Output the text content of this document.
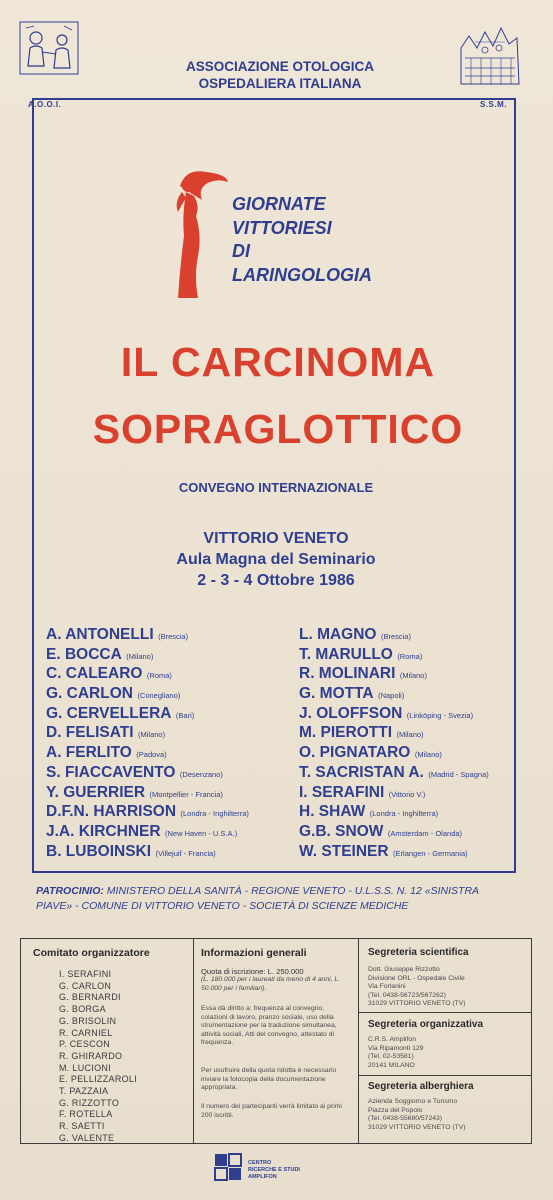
A.O.O.I.	S.S.M.
ASSOCIAZIONE OTOLOGICA
OSPEDALIERA ITALIANA
GIORNATE
VITTORIESI
DI
LARINGOLOGIA
IL CARCINOMA
SOPRAGLOTTICO
CONVEGNO INTERNAZIONALE
VITTORIO VENETO
Aula Magna del Seminario
2 - 3 - 4 Ottobre 1986
A. ANTONELLI (Brescia)
E. BOCCA (Milano)
C. CALEARO (Roma)
G. CARLON (Conegliano)
G. CERVELLERA (Bari)
D. FELISATI (Milano)
A. FERLITO (Padova)
S. FIACCAVENTO (Desenzano)
Y. GUERRIER (Montpellier - Francia)
D.F.N. HARRISON (Londra - Inghilterra)
J.A. KIRCHNER (New Haven - U.S.A.)
B. LUBOINSKI (Villejuif - Francia)
L. MAGNO (Brescia)
T. MARULLO (Roma)
R. MOLINARI (Milano)
G. MOTTA (Napoli)
J. OLOFFSON (Linköping - Svezia)
M. PIEROTTI (Milano)
O. PIGNATARO (Milano)
T. SACRISTAN A. (Madrid - Spagna)
I. SERAFINI (Vittorio V.)
H. SHAW (Londra - Inghilterra)
G.B. SNOW (Amsterdam - Olanda)
W. STEINER (Erlangen - Germania)
PATROCINIO: MINISTERO DELLA SANITÀ - REGIONE VENETO - U.L.S.S. N. 12 «SINISTRA PIAVE» - COMUNE DI VITTORIO VENETO - SOCIETÀ DI SCIENZE MEDICHE
Comitato organizzatore
I. SERAFINI
G. CARLON
G. BERNARDI
G. BORGA
G. BRISOLIN
R. CARNIEL
P. CESCON
R. GHIRARDO
M. LUCIONI
E. PELLIZZAROLI
T. PAZZAIA
G. RIZZOTTO
F. ROTELLA
R. SAETTI
G. VALENTE
Informazioni generali
Quota di iscrizione: L. 250.000
(L. 180.000 per i laureati da meno di 4 anni, L. 50.000 per i familiari).
Essa dà diritto a: frequenza al convegno, colazioni di lavoro, pranzo sociale, uso della strumentazione per la traduzione simultanea, attività sociali, Atti del convegno, attestato di frequenza.
Per usufruire della quota ridotta è necessario inviare la fotocopia della documentazione appropriata.
Il numero dei partecipanti verrà limitato ai primi 200 iscritti.
Segreteria scientifica
Dott. Giuseppe Rizzotto
Divisione ORL - Ospedale Civile
Via Forlanini
(Tel. 0438-56723/567262)
31029 VITTORIO VENETO (TV)
Segreteria organizzativa
C.R.S. Amplifon
Via Ripamonti 129
(Tel. 02-53581)
20141 MILANO
Segreteria alberghiera
Azienda Soggiorno e Turismo
Piazza del Popolo
(Tel. 0438-55680/57243)
31029 VITTORIO VENETO (TV)
CENTRO
RICERCHE E STUDI
AMPLIFON
